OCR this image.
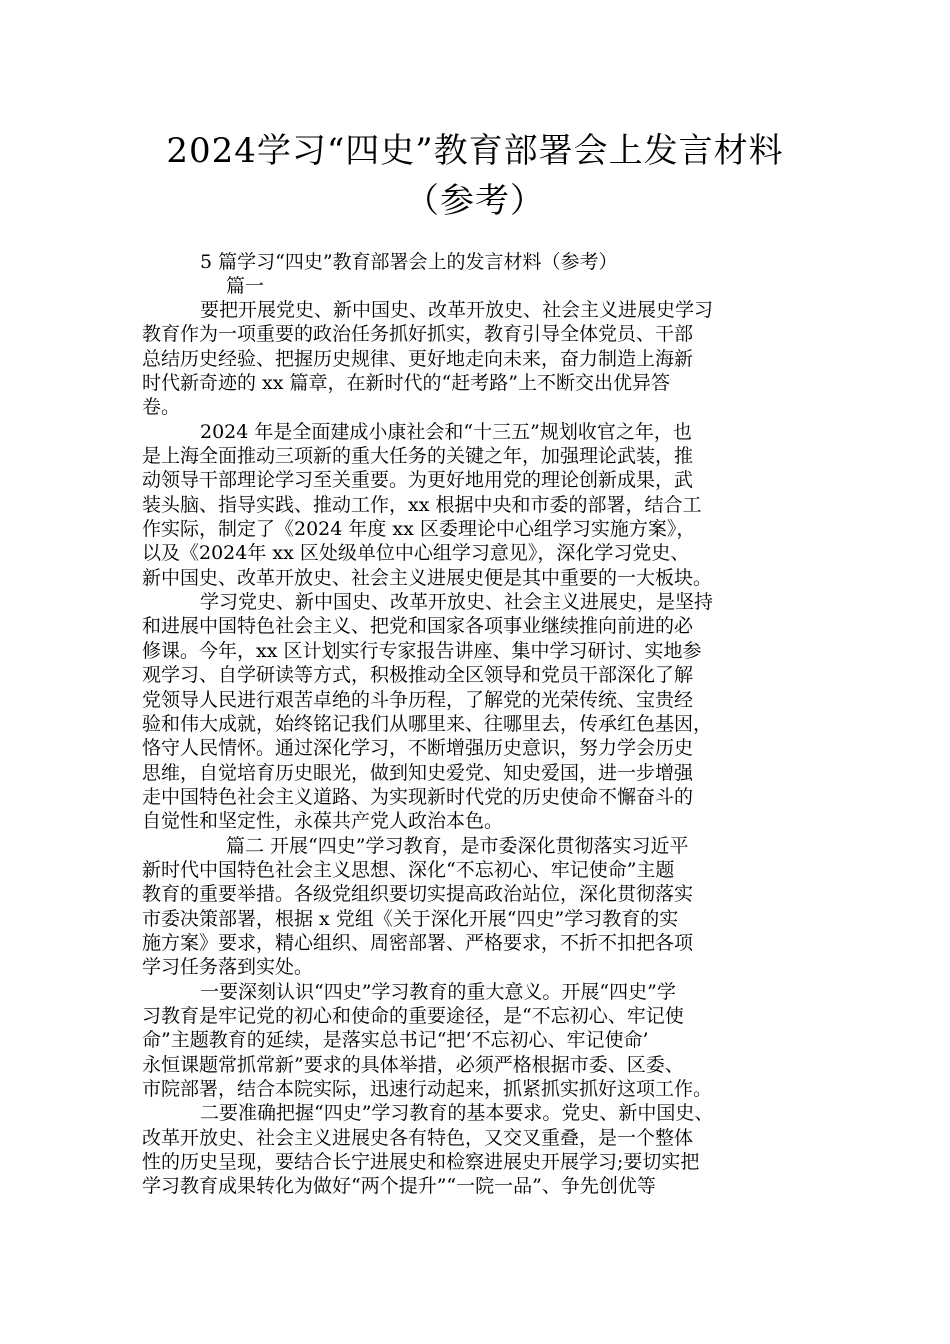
2024学习“四史”教育部署会上发言材料
（参考）
5 篇学习“四史”教育部署会上的发言材料（参考）
篇一
要把开展党史、新中国史、改革开放史、社会主义进展史学习
教育作为一项重要的政治任务抓好抓实，教育引导全体党员、干部
总结历史经验、把握历史规律、更好地走向未来，奋力制造上海新
时代新奇迹的 xx 篇章，在新时代的“赶考路”上不断交出优异答
卷。
2024 年是全面建成小康社会和“十三五”规划收官之年，也
是上海全面推动三项新的重大任务的关键之年，加强理论武装，推
动领导干部理论学习至关重要。为更好地用党的理论创新成果，武
装头脑、指导实践、推动工作，xx 根据中央和市委的部署，结合工
作实际，制定了《2024 年度 xx 区委理论中心组学习实施方案》，
以及《2024年 xx 区处级单位中心组学习意见》，深化学习党史、
新中国史、改革开放史、社会主义进展史便是其中重要的一大板块。
学习党史、新中国史、改革开放史、社会主义进展史，是坚持
和进展中国特色社会主义、把党和国家各项事业继续推向前进的必
修课。今年，xx 区计划实行专家报告讲座、集中学习研讨、实地参
观学习、自学研读等方式，积极推动全区领导和党员干部深化了解
党领导人民进行艰苦卓绝的斗争历程，了解党的光荣传统、宝贵经
验和伟大成就，始终铭记我们从哪里来、往哪里去，传承红色基因，
恪守人民情怀。通过深化学习，不断增强历史意识，努力学会历史
思维，自觉培育历史眼光，做到知史爱党、知史爱国，进一步增强
走中国特色社会主义道路、为实现新时代党的历史使命不懈奋斗的
自觉性和坚定性，永葆共产党人政治本色。
篇二 开展“四史”学习教育，是市委深化贯彻落实习近平
新时代中国特色社会主义思想、深化“不忘初心、牢记使命”主题
教育的重要举措。各级党组织要切实提高政治站位，深化贯彻落实
市委决策部署，根据 x 党组《关于深化开展“四史”学习教育的实
施方案》要求，精心组织、周密部署、严格要求，不折不扣把各项
学习任务落到实处。
一要深刻认识“四史”学习教育的重大意义。开展“四史”学
习教育是牢记党的初心和使命的重要途径，是“不忘初心、牢记使
命”主题教育的延续，是落实总书记“把‘不忘初心、牢记使命’
永恒课题常抓常新”要求的具体举措，必须严格根据市委、区委、
市院部署，结合本院实际，迅速行动起来，抓紧抓实抓好这项工作。
二要准确把握“四史”学习教育的基本要求。党史、新中国史、
改革开放史、社会主义进展史各有特色，又交叉重叠，是一个整体
性的历史呈现，要结合长宁进展史和检察进展史开展学习;要切实把
学习教育成果转化为做好“两个提升”“一院一品”、争先创优等
